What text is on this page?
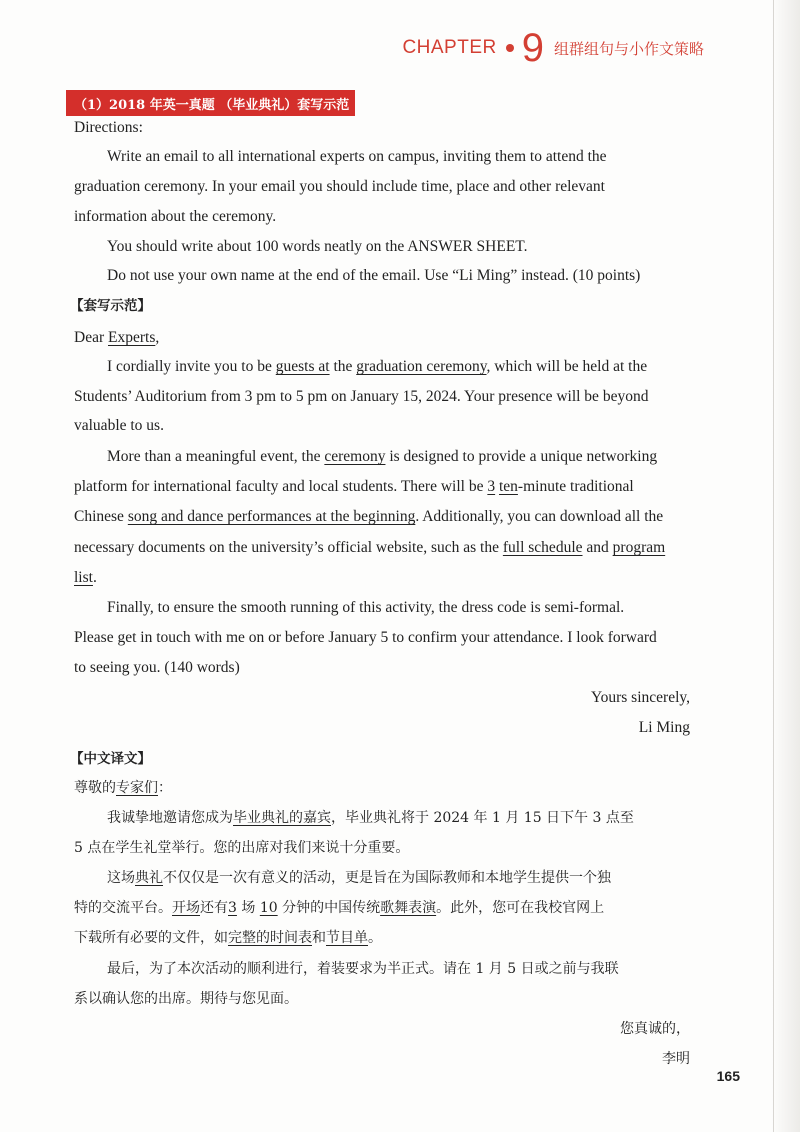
CHAPTER 9 组群组句与小作文策略
（1）2018 年英一真题 （毕业典礼）套写示范
Directions:
Write an email to all international experts on campus, inviting them to attend the
graduation ceremony. In your email you should include time, place and other relevant
information about the ceremony.
You should write about 100 words neatly on the ANSWER SHEET.
Do not use your own name at the end of the email. Use “Li Ming” instead. (10 points)
【套写示范】
Dear Experts,
I cordially invite you to be guests at the graduation ceremony, which will be held at the
Students’ Auditorium from 3 pm to 5 pm on January 15, 2024. Your presence will be beyond
valuable to us.
More than a meaningful event, the ceremony is designed to provide a unique networking
platform for international faculty and local students. There will be 3 ten-minute traditional
Chinese song and dance performances at the beginning. Additionally, you can download all the
necessary documents on the university’s official website, such as the full schedule and program
list.
Finally, to ensure the smooth running of this activity, the dress code is semi-formal.
Please get in touch with me on or before January 5 to confirm your attendance. I look forward
to seeing you. (140 words)
Yours sincerely,
Li Ming
【中文译文】
尊敬的专家们：
我诚挚地邀请您成为毕业典礼的嘉宾，毕业典礼将于 2024 年 1 月 15 日下午 3 点至
5 点在学生礼堂举行。您的出席对我们来说十分重要。
这场典礼不仅仅是一次有意义的活动，更是旨在为国际教师和本地学生提供一个独
特的交流平台。开场还有3 场 10 分钟的中国传统歌舞表演。此外，您可在我校官网上
下载所有必要的文件，如完整的时间表和节目单。
最后，为了本次活动的顺利进行，着装要求为半正式。请在 1 月 5 日或之前与我联
系以确认您的出席。期待与您见面。
您真诚的，
李明
165
